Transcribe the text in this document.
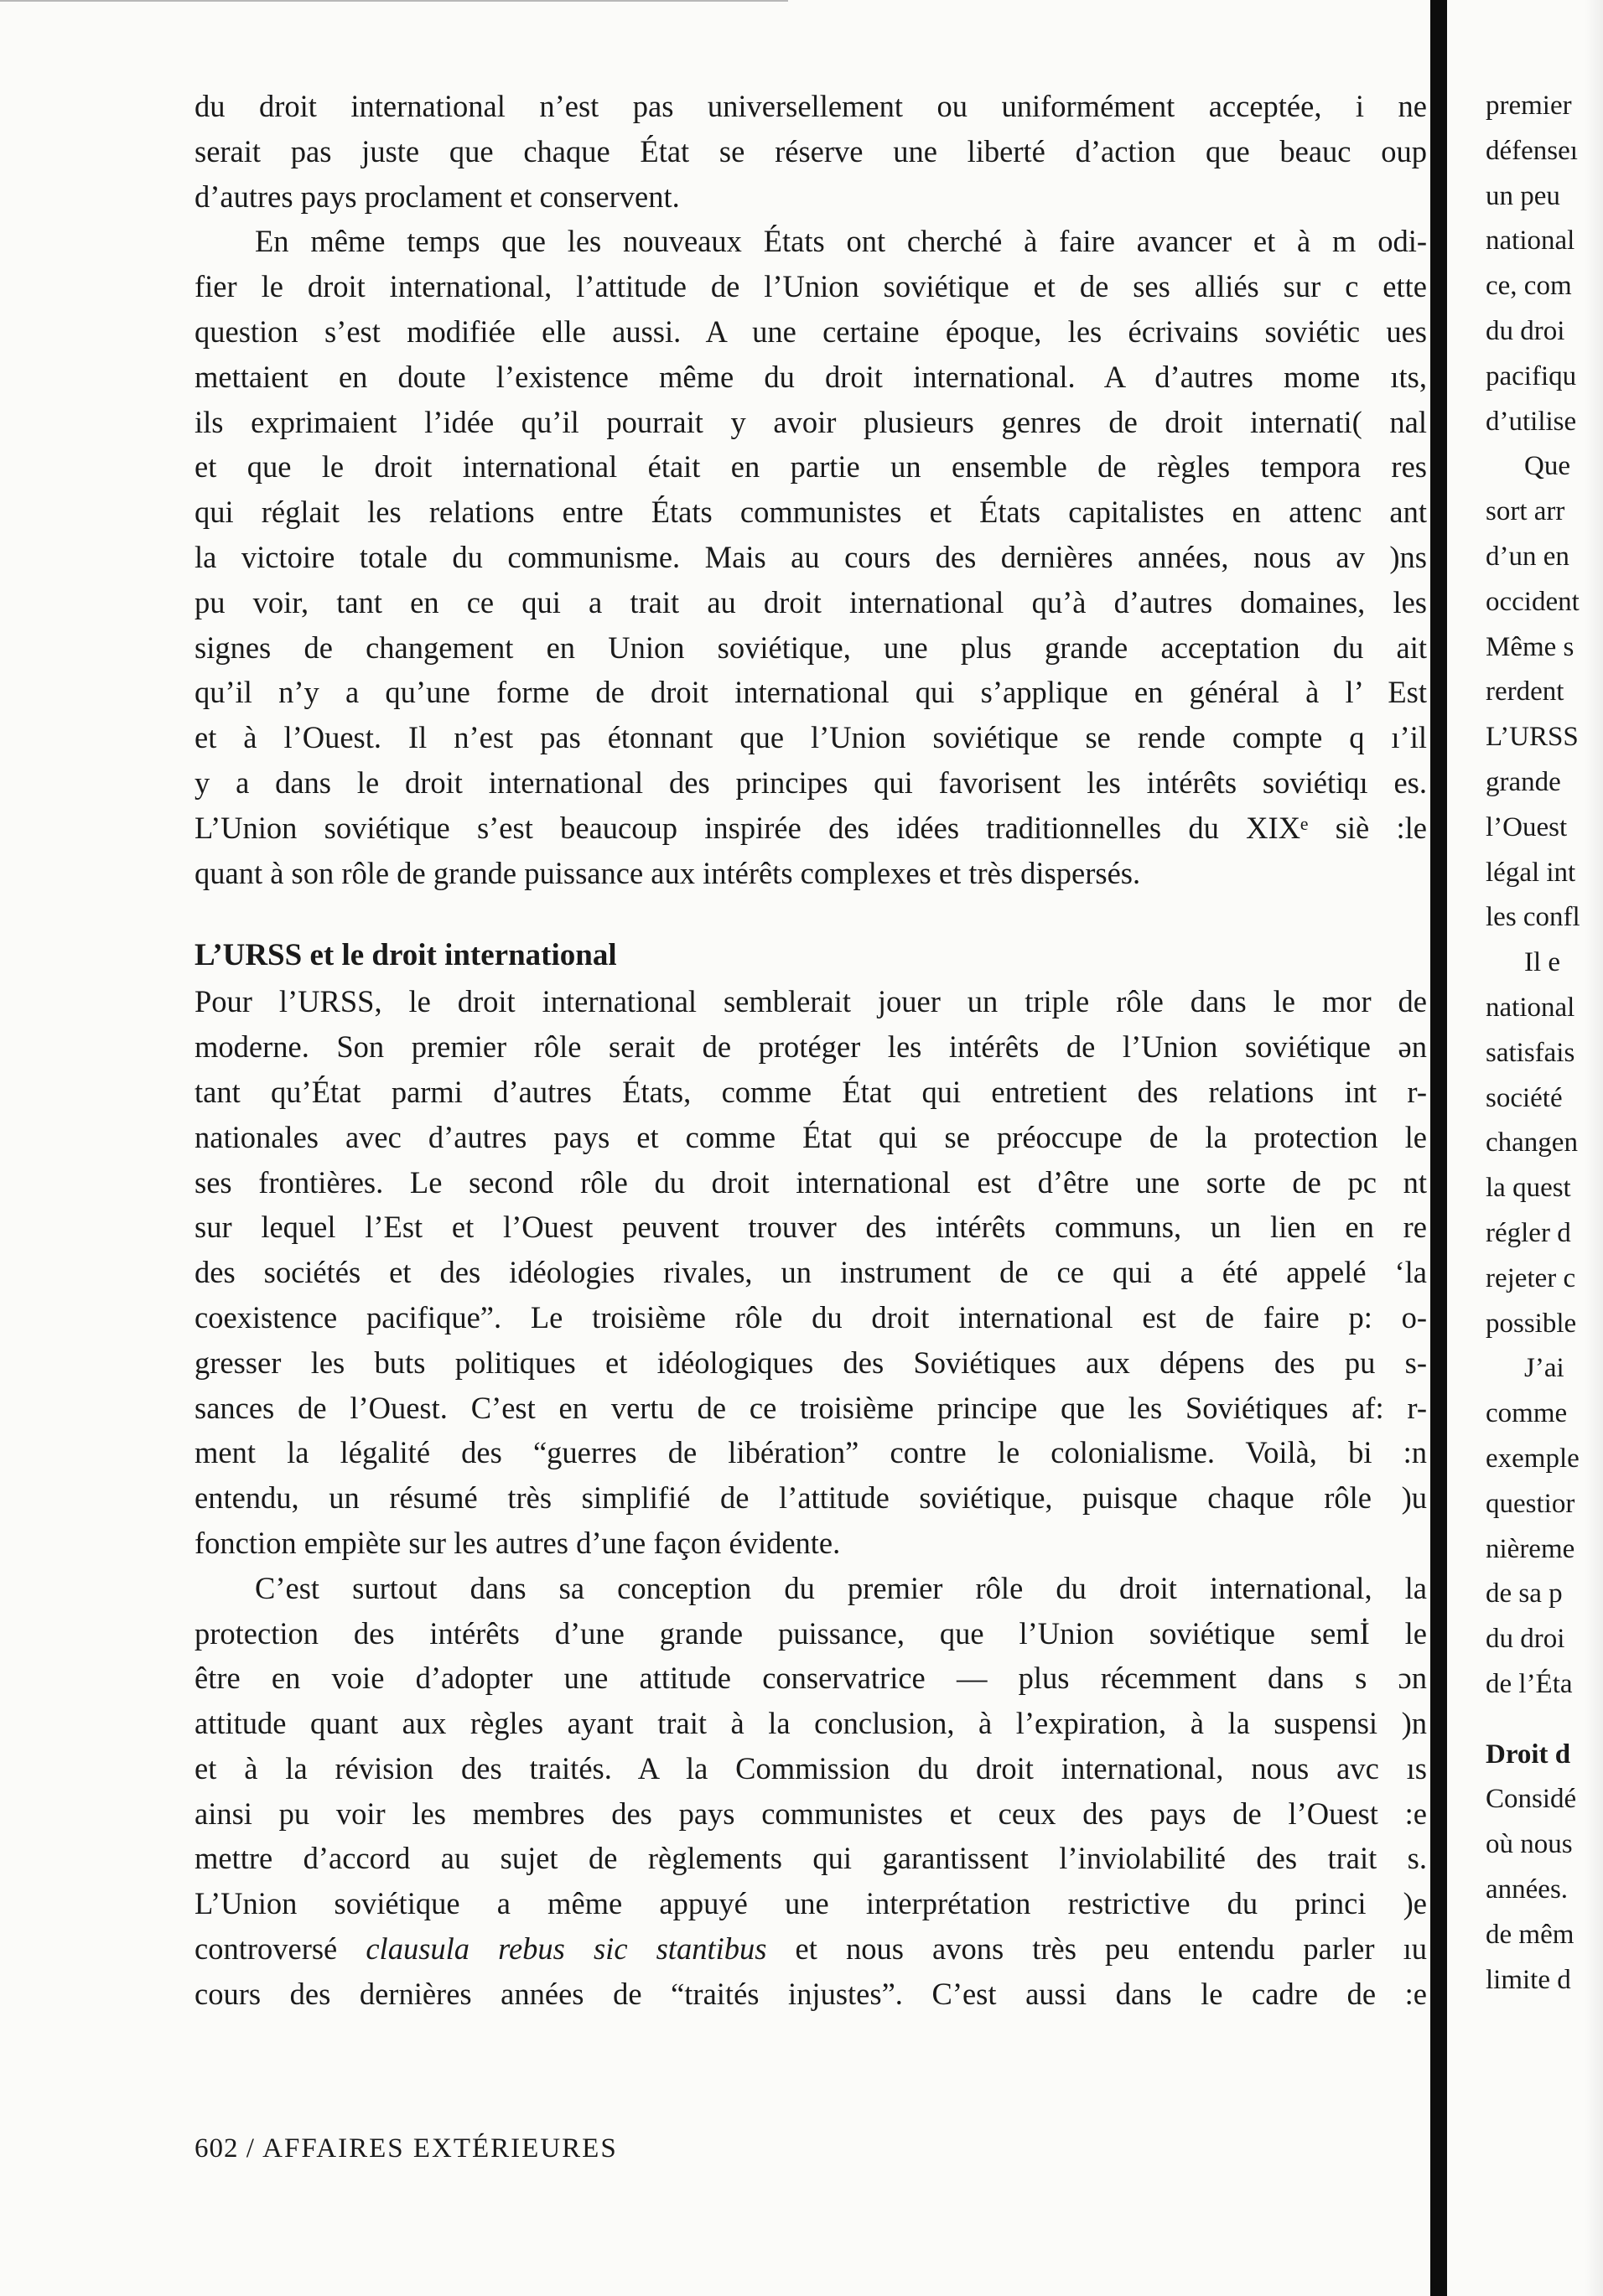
du droit international n’est pas universellement ou uniformément acceptée, i ne
serait pas juste que chaque État se réserve une liberté d’action que beauc oup
d’autres pays proclament et conservent.

En même temps que les nouveaux États ont cherché à faire avancer et à m odi-
fier le droit international, l’attitude de l’Union soviétique et de ses alliés sur c ette
question s’est modifiée elle aussi. A une certaine époque, les écrivains soviétic ues
mettaient en doute l’existence même du droit international. A d’autres mome ıts,
ils exprimaient l’idée qu’il pourrait y avoir plusieurs genres de droit internati( nal
et que le droit international était en partie un ensemble de règles tempora res
qui réglait les relations entre États communistes et États capitalistes en attenc ant
la victoire totale du communisme. Mais au cours des dernières années, nous av )ns
pu voir, tant en ce qui a trait au droit international qu’à d’autres domaines, les
signes de changement en Union soviétique, une plus grande acceptation du ait
qu’il n’y a qu’une forme de droit international qui s’applique en général à l’ Est
et à l’Ouest. Il n’est pas étonnant que l’Union soviétique se rende compte q ı’il
y a dans le droit international des principes qui favorisent les intérêts soviétiqı es.
L’Union soviétique s’est beaucoup inspirée des idées traditionnelles du XIXᵉ siè :le
quant à son rôle de grande puissance aux intérêts complexes et très dispersés.

L’URSS et le droit international

Pour l’URSS, le droit international semblerait jouer un triple rôle dans le mor de
moderne. Son premier rôle serait de protéger les intérêts de l’Union soviétique ən
tant qu’État parmi d’autres États, comme État qui entretient des relations int r-
nationales avec d’autres pays et comme État qui se préoccupe de la protection le
ses frontières. Le second rôle du droit international est d’être une sorte de pc nt
sur lequel l’Est et l’Ouest peuvent trouver des intérêts communs, un lien en re
des sociétés et des idéologies rivales, un instrument de ce qui a été appelé ‘la
coexistence pacifique”. Le troisième rôle du droit international est de faire p: o-
gresser les buts politiques et idéologiques des Soviétiques aux dépens des pu s-
sances de l’Ouest. C’est en vertu de ce troisième principe que les Soviétiques af: r-
ment la légalité des “guerres de libération” contre le colonialisme. Voilà, bi :n
entendu, un résumé très simplifié de l’attitude soviétique, puisque chaque rôle )u
fonction empiète sur les autres d’une façon évidente.

C’est surtout dans sa conception du premier rôle du droit international, la
protection des intérêts d’une grande puissance, que l’Union soviétique semİ le
être en voie d’adopter une attitude conservatrice — plus récemment dans s ɔn
attitude quant aux règles ayant trait à la conclusion, à l’expiration, à la suspensi )n
et à la révision des traités. A la Commission du droit international, nous avc ıs
ainsi pu voir les membres des pays communistes et ceux des pays de l’Ouest :e
mettre d’accord au sujet de règlements qui garantissent l’inviolabilité des trait s.
L’Union soviétique a même appuyé une interprétation restrictive du princi )e
controversé clausula rebus sic stantibus et nous avons très peu entendu parler ıu
cours des dernières années de “traités injustes”. C’est aussi dans le cadre de :e

602 / AFFAIRES EXTÉRIEURES
premier
défenseı
un peu
national
ce, com
du droi
pacifiqu
d’utilise
Que
sort arr
d’un en
occident
Même s
rerdent
L’URSS
grande
l’Ouest
légal int
les confl
Il e
national
satisfais
société
changen
la quest
régler d
rejeter c
possible
J’ai
comme
exemple
questior
nièreme
de sa p
du droi
de l’Éta
Droit d
Considé
où nous
années.
de mêm
limite d
